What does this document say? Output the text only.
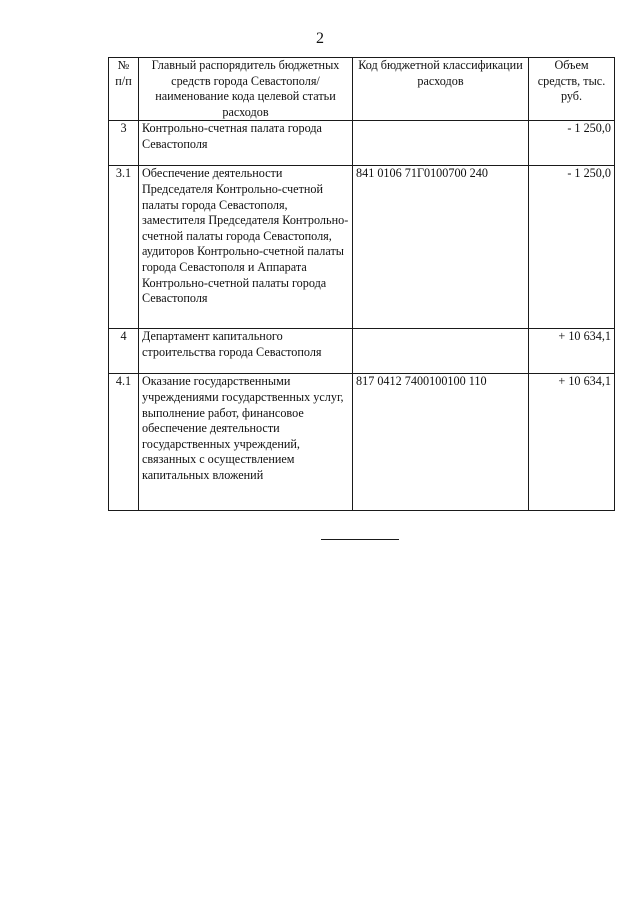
2
№ п/п	Главный распорядитель бюджетных средств города Севастополя/наименование кода целевой статьи расходов	Код бюджетной классификации расходов	Объем средств, тыс. руб.
3	Контрольно-счетная палата города Севастополя		- 1 250,0
3.1	Обеспечение деятельности Председателя Контрольно-счетной палаты города Севастополя, заместителя Председателя Контрольно-счетной палаты города Севастополя, аудиторов Контрольно-счетной палаты города Севастополя и Аппарата Контрольно-счетной палаты города Севастополя	841 0106 71Г0100700 240	- 1 250,0
4	Департамент капитального строительства города Севастополя		+ 10 634,1
4.1	Оказание государственными учреждениями государственных услуг, выполнение работ, финансовое обеспечение деятельности государственных учреждений, связанных с осуществлением капитальных вложений	817 0412 7400100100 110	+ 10 634,1
